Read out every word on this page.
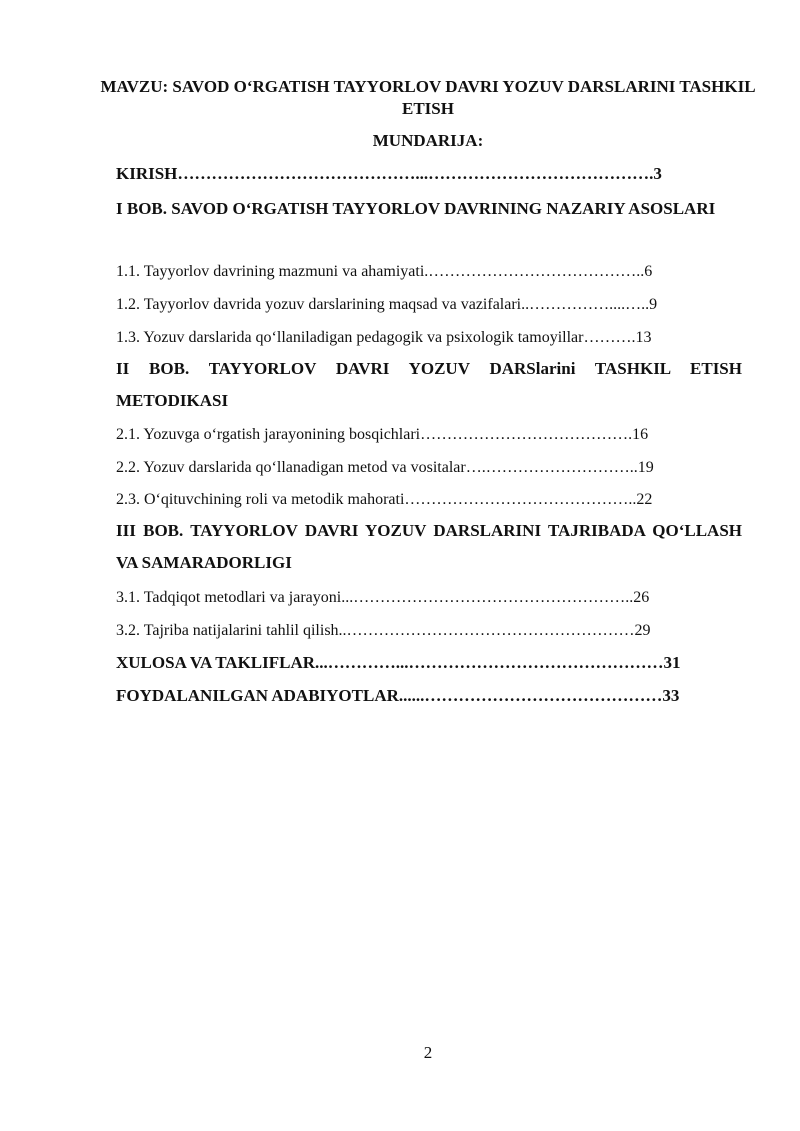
MAVZU: SAVOD O‘RGATISH TAYYORLOV DAVRI YOZUV DARSLARINI TASHKIL ETISH
MUNDARIJA:
KIRISH……………………………………...………………………………….3
I BOB. SAVOD O‘RGATISH TAYYORLOV DAVRINING NAZARIY ASOSLARI
1.1. Tayyorlov davrining mazmuni va ahamiyati.…………………………………..6
1.2. Tayyorlov davrida yozuv darslarining maqsad va vazifalari..……………....…..9
1.3. Yozuv darslarida qo‘llaniladigan pedagogik va psixologik tamoyillar……….13
II BOB. TAYYORLOV DAVRI YOZUV DARSlarini TASHKIL ETISH METODIKASI
2.1. Yozuvga o‘rgatish jarayonining bosqichlari………………………………….16
2.2. Yozuv darslarida qo‘llanadigan metod va vositalar….………………………..19
2.3. O‘qituvchining roli va metodik mahorati……………………………………..22
III BOB. TAYYORLOV DAVRI YOZUV DARSLARINI TAJRIBADA QO‘LLASH VA SAMARADORLIGI
3.1. Tadqiqot metodlari va jarayoni...……………………………………………..26
3.2. Tajriba natijalarini tahlil qilish..………………………………………………29
XULOSA VA TAKLIFLAR...…………...………………………………………31
FOYDALANILGAN ADABIYOTLAR......……………………………………33
2
